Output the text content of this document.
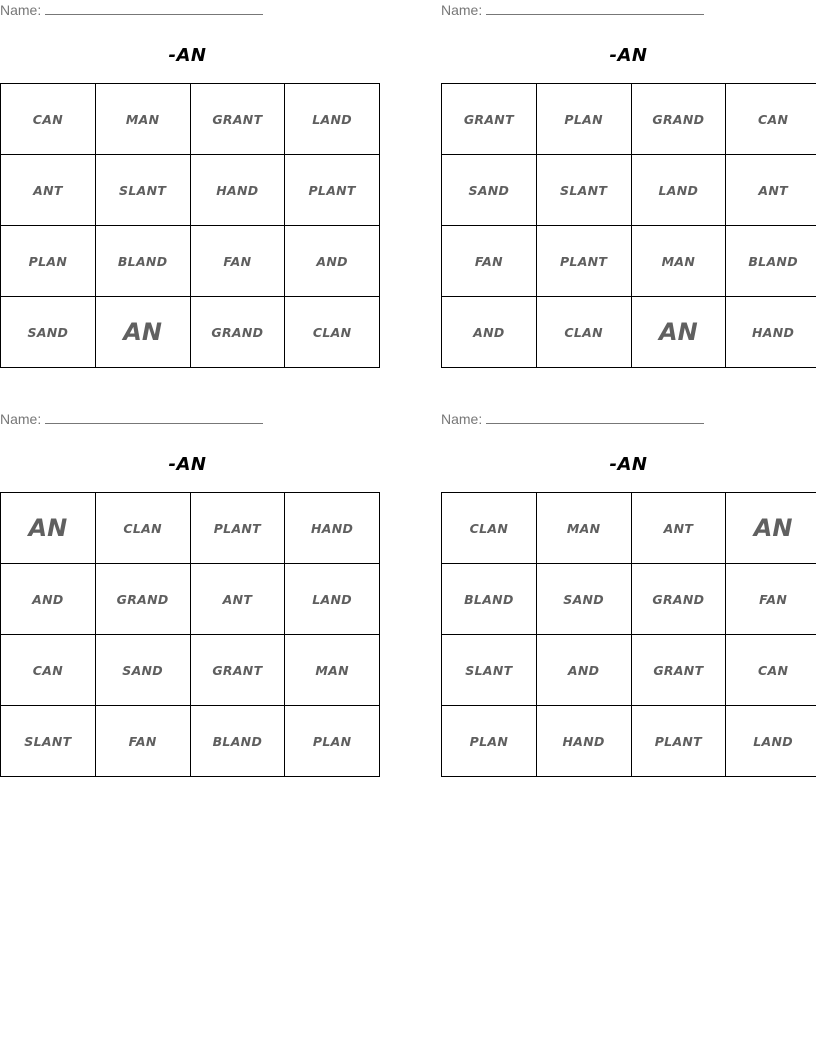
Name:
-AN
CAN	MAN	GRANT	LAND
ANT	SLANT	HAND	PLANT
PLAN	BLAND	FAN	AND
SAND	AN	GRAND	CLAN
Name:
-AN
GRANT	PLAN	GRAND	CAN
SAND	SLANT	LAND	ANT
FAN	PLANT	MAN	BLAND
AND	CLAN	AN	HAND
Name:
-AN
AN	CLAN	PLANT	HAND
AND	GRAND	ANT	LAND
CAN	SAND	GRANT	MAN
SLANT	FAN	BLAND	PLAN
Name:
-AN
CLAN	MAN	ANT	AN
BLAND	SAND	GRAND	FAN
SLANT	AND	GRANT	CAN
PLAN	HAND	PLANT	LAND
